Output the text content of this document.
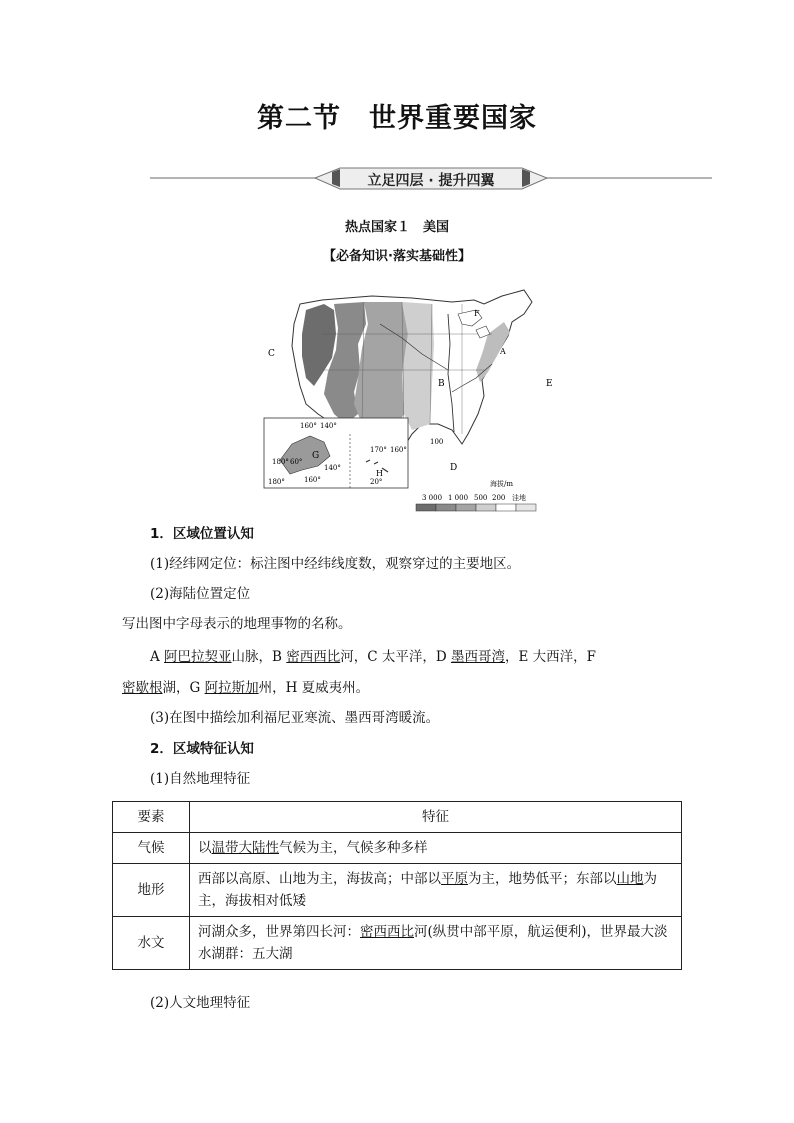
第二节　世界重要国家
立足四层 · 提升四翼
热点国家１　美国
【必备知识·落实基础性】
C
B	E
D
F
A
G
H
160° 140°
180° 60°
140°
180°	160°
170° 160°
20°
100
海拔/m
3 000 1 000 500 200 洼地
1．区域位置认知
(1)经纬网定位：标注图中经纬线度数，观察穿过的主要地区。
(2)海陆位置定位
写出图中字母表示的地理事物的名称。
A 阿巴拉契亚山脉，B 密西西比河，C 太平洋，D 墨西哥湾，E 大西洋，F
密歇根湖，G 阿拉斯加州，H 夏威夷州。
(3)在图中描绘加利福尼亚寒流、墨西哥湾暖流。
2．区域特征认知
(1)自然地理特征
要素	特征
气候	以温带大陆性气候为主，气候多种多样
地形	西部以高原、山地为主，海拔高；中部以平原为主，地势低平；东部以山地为主，海拔相对低矮
水文	河湖众多，世界第四长河：密西西比河(纵贯中部平原，航运便利)，世界最大淡水湖群：五大湖
(2)人文地理特征
